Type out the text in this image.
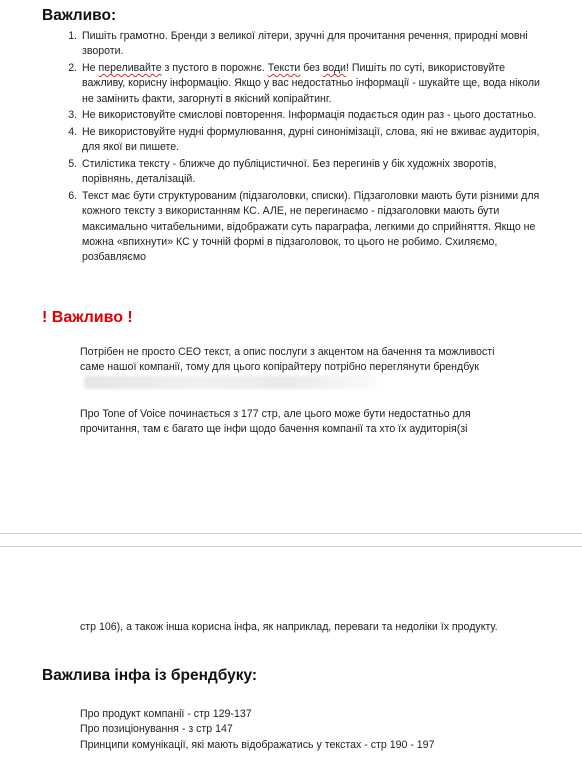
Важливо:
1. Пишіть грамотно. Бренди з великої літери, зручні для прочитання речення, природні мовні звороти.
2. Не переливайте з пустого в порожнє. Тексти без води! Пишіть по суті, використовуйте важливу, корисну інформацію. Якщо у вас недостатньо інформації - шукайте ще, вода ніколи не замінить факти, загорнуті в якісний копірайтинг.
3. Не використовуйте смислові повторення. Інформація подається один раз - цього достатньо.
4. Не використовуйте нудні формулювання, дурні синонімізації, слова, які не вживає аудиторія, для якої ви пишете.
5. Стилістика тексту - ближче до публіцистичної. Без перегинів у бік художніх зворотів, порівнянь, деталізацій.
6. Текст має бути структурованим (підзаголовки, списки). Підзаголовки мають бути різними для кожного тексту з використанням КС. АЛЕ, не перегинаємо - підзаголовки мають бути максимально читабельними, відображати суть параграфа, легкими до сприйняття. Якщо не можна «впихнути» КС у точній формі в підзаголовок, то цього не робимо. Схиляємо, розбавляємо
! Важливо !

Потрібен не просто СЕО текст, а опис послуги з акцентом на бачення та можливості саме нашої компанії, тому для цього копірайтеру потрібно переглянути брендбук

Про Tone of Voice починається з 177 стр, але цього може бути недостатньо для прочитання, там є багато ще інфи щодо бачення компанії та хто їх аудиторія(зі

стр 106), а також інша корисна інфа, як наприклад, переваги та недоліки їх продукту.

Важлива інфа із брендбуку:
Про продукт компанії - стр 129-137
Про позиціонування - з стр 147
Принципи комунікації, які мають відображатись у текстах - стр 190 - 197
